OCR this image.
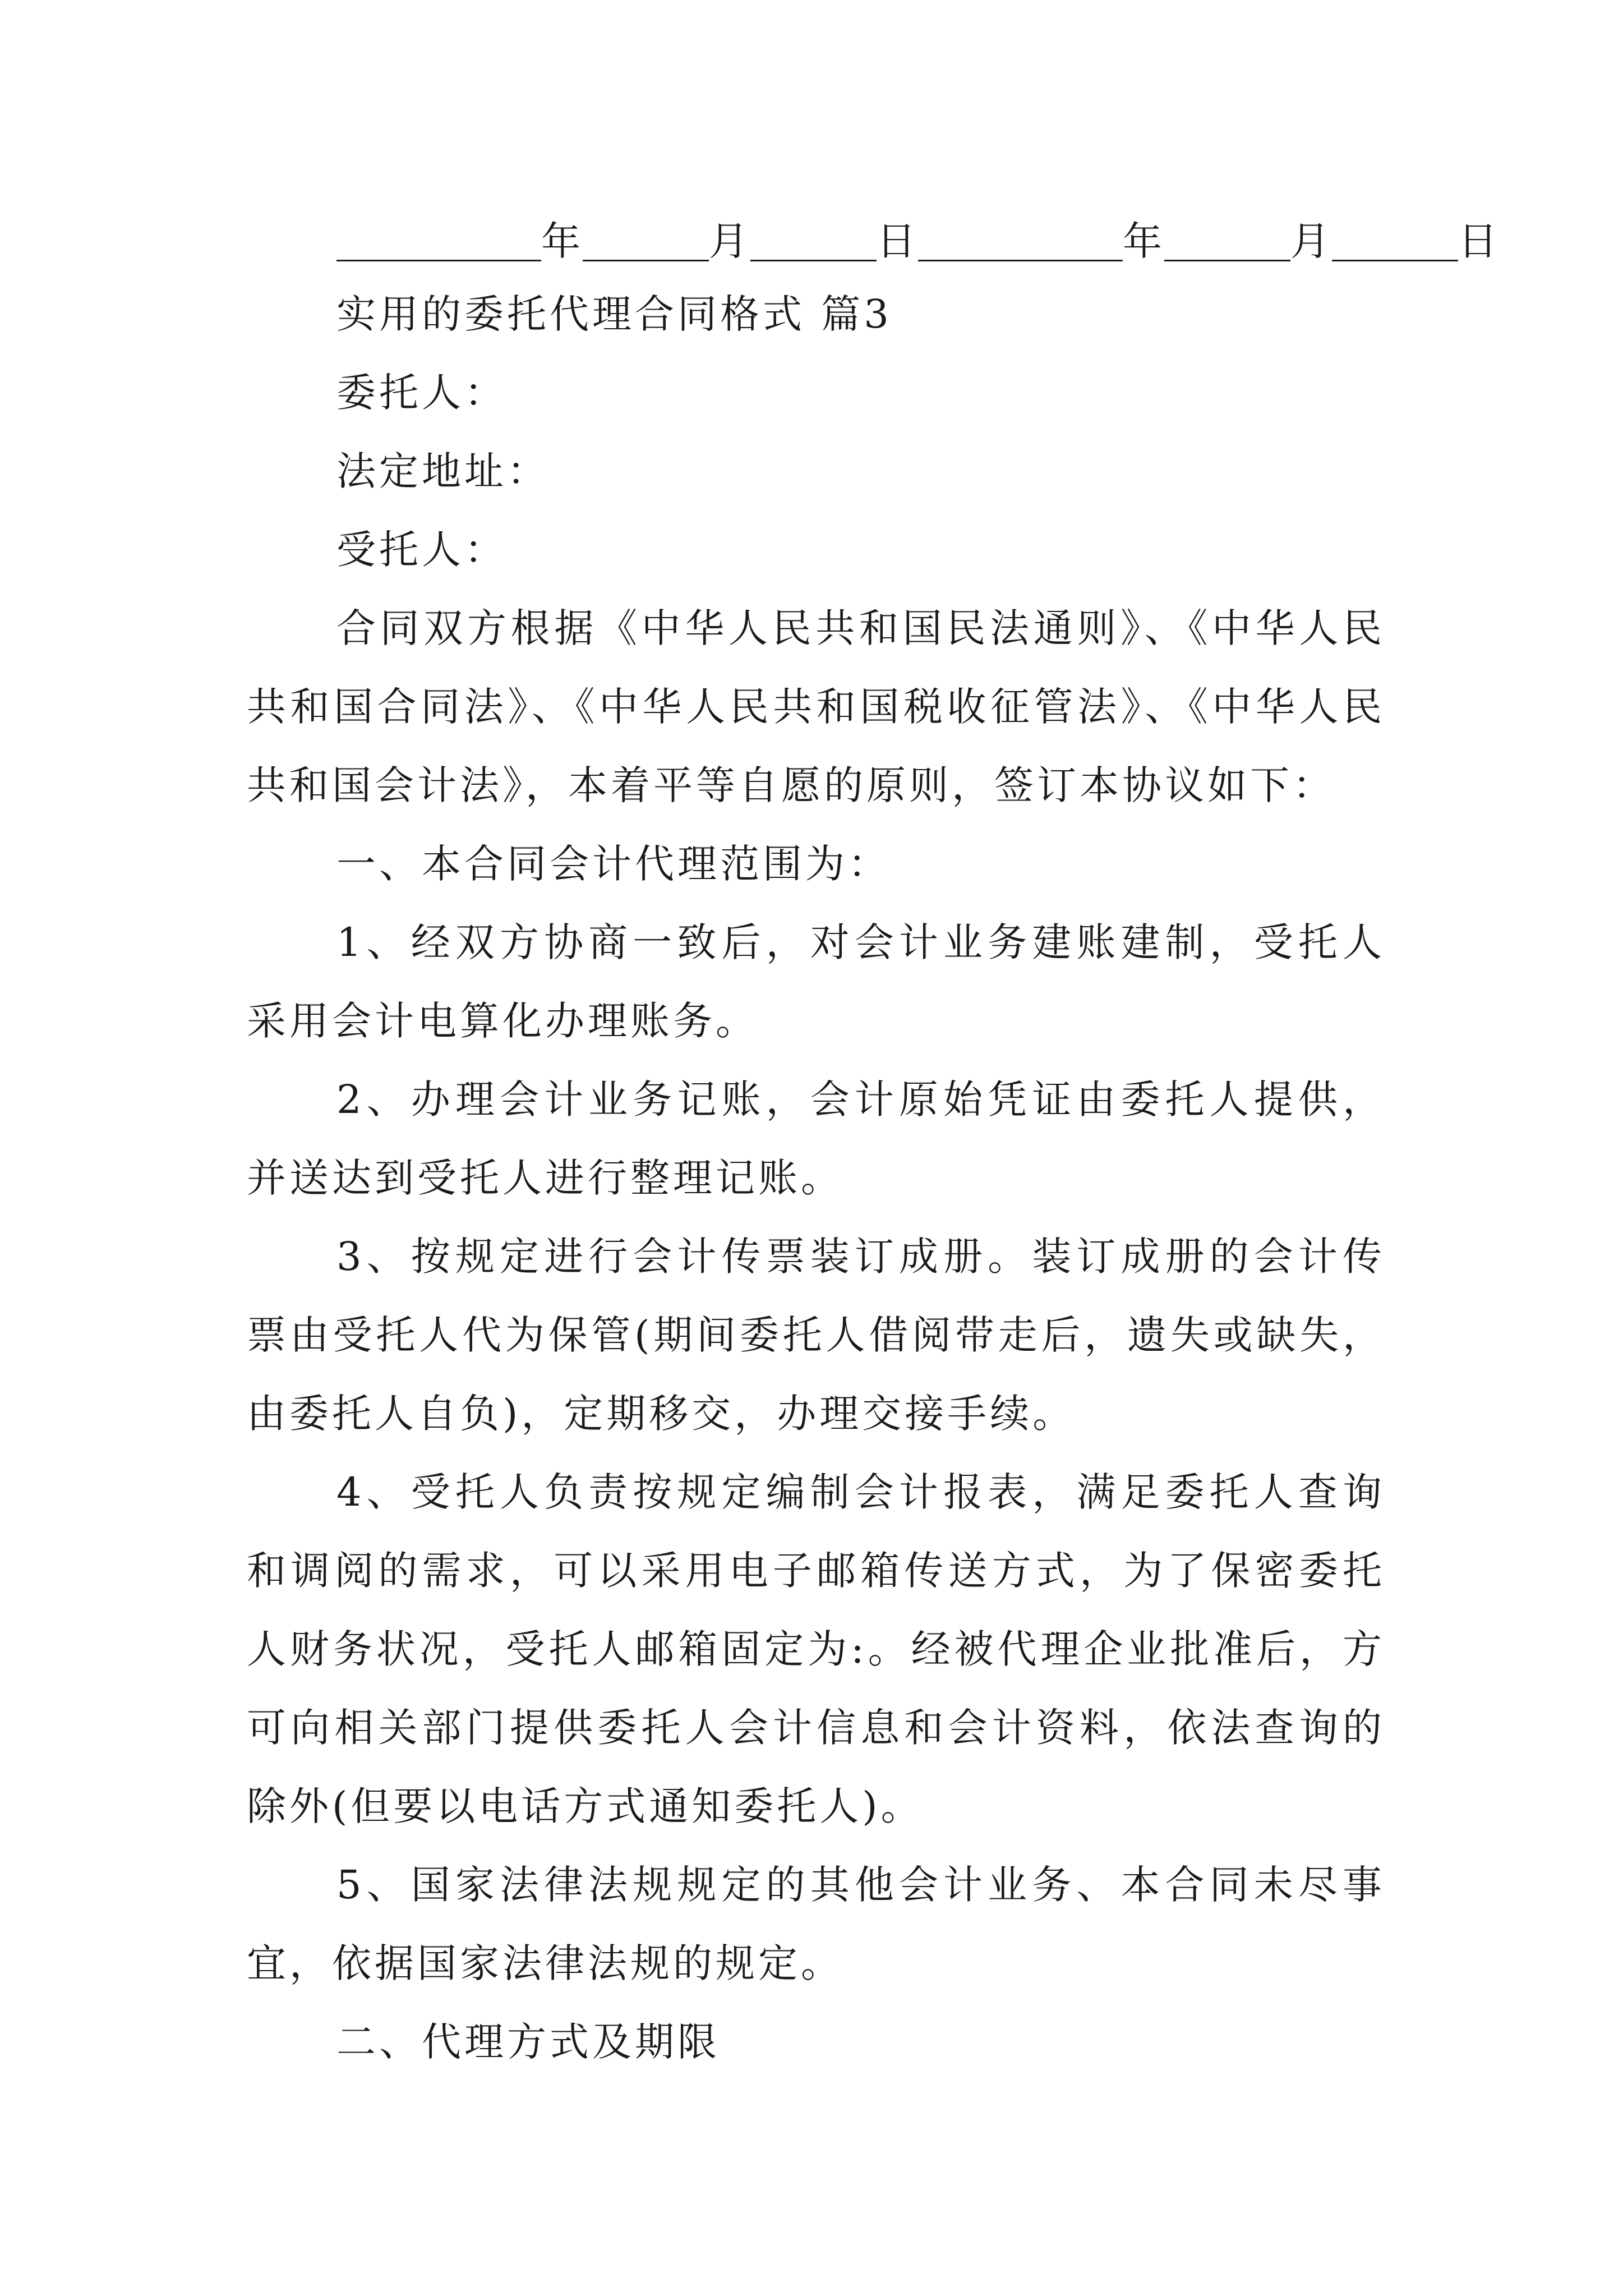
年	月	日	年	月	日

实用的委托代理合同格式 篇3

委托人：

法定地址：

受托人：

合同双方根据《中华人民共和国民法通则》、《中华人民共和国合同法》、《中华人民共和国税收征管法》、《中华人民共和国会计法》，本着平等自愿的原则，签订本协议如下：

一、本合同会计代理范围为：

1、经双方协商一致后，对会计业务建账建制，受托人采用会计电算化办理账务。

2、办理会计业务记账，会计原始凭证由委托人提供，并送达到受托人进行整理记账。

3、按规定进行会计传票装订成册。装订成册的会计传票由受托人代为保管(期间委托人借阅带走后，遗失或缺失，由委托人自负)，定期移交，办理交接手续。

4、受托人负责按规定编制会计报表，满足委托人查询和调阅的需求，可以采用电子邮箱传送方式，为了保密委托人财务状况，受托人邮箱固定为:。经被代理企业批准后，方可向相关部门提供委托人会计信息和会计资料，依法查询的除外(但要以电话方式通知委托人)。

5、国家法律法规规定的其他会计业务、本合同未尽事宜，依据国家法律法规的规定。

二、代理方式及期限
